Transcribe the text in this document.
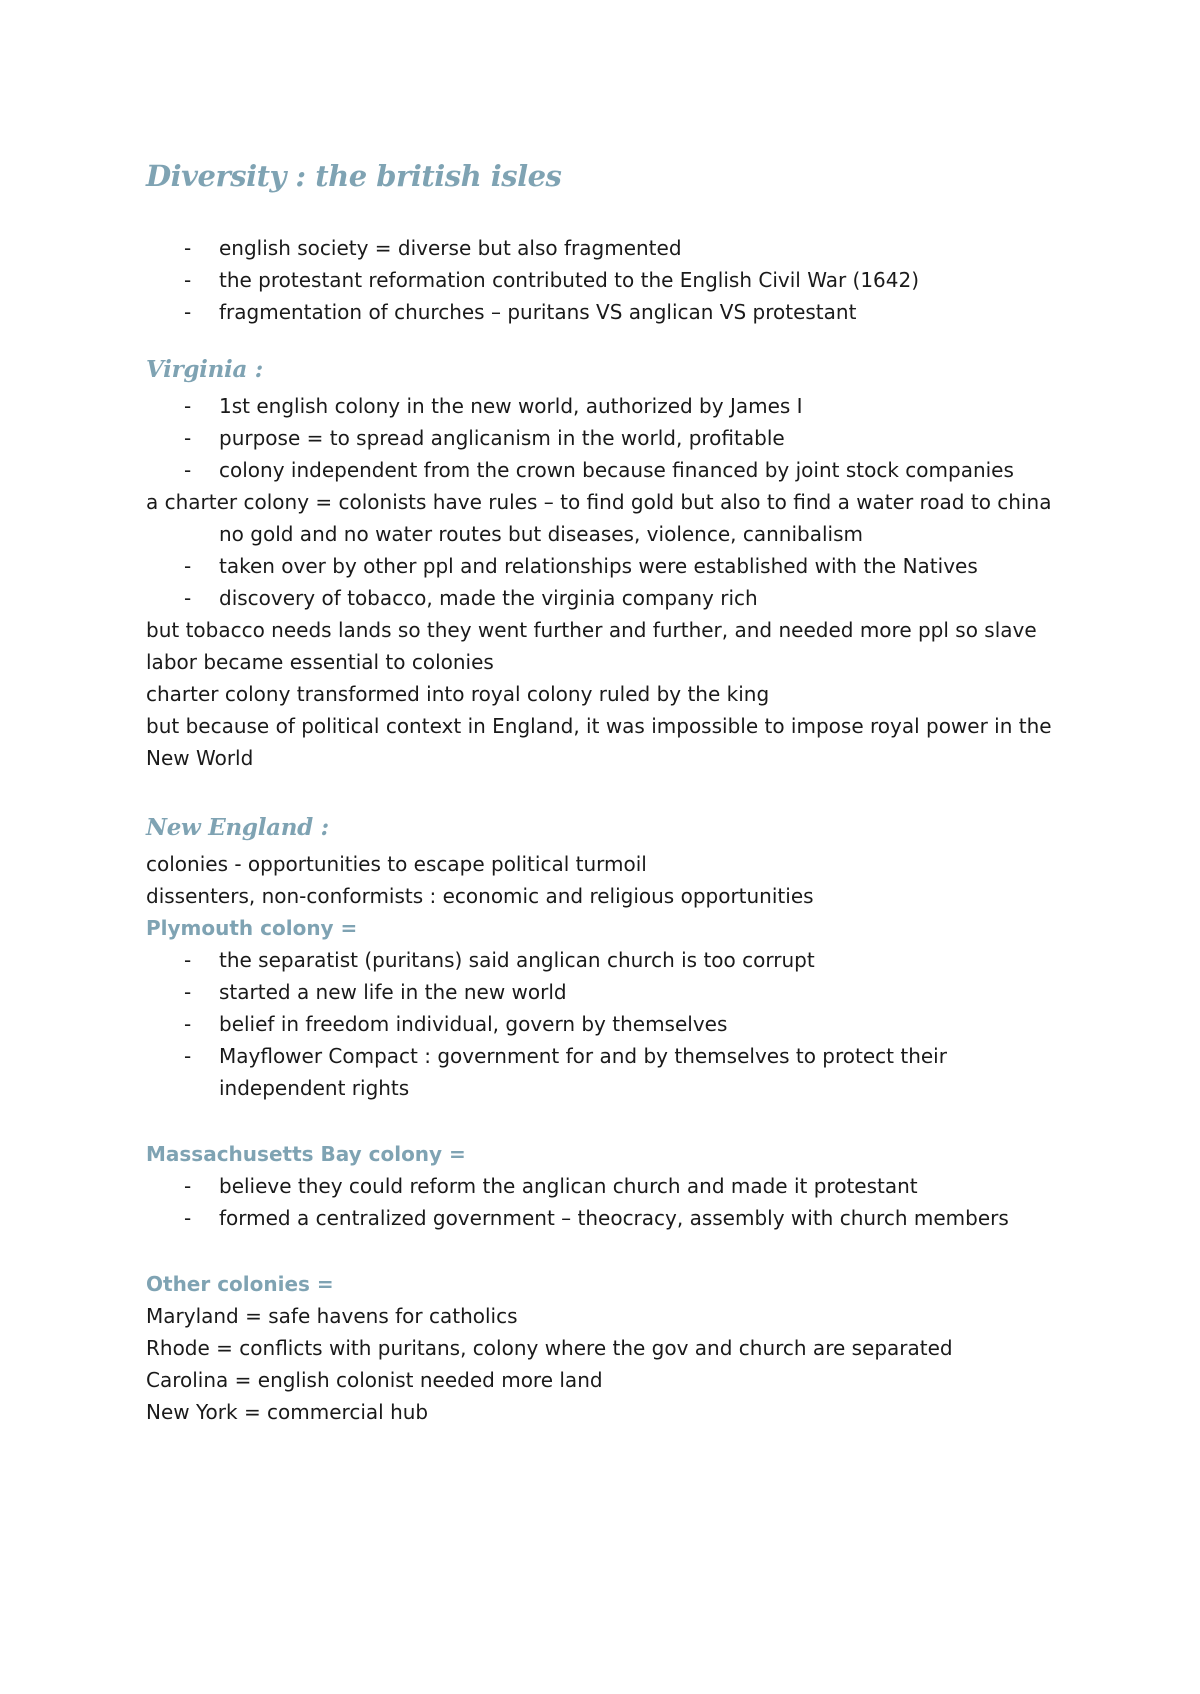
Diversity : the british isles
- english society = diverse but also fragmented
- the protestant reformation contributed to the English Civil War (1642)
- fragmentation of churches – puritans VS anglican VS protestant
Virginia :
- 1st english colony in the new world, authorized by James I
- purpose = to spread anglicanism in the world, profitable
- colony independent from the crown because financed by joint stock companies

a charter colony = colonists have rules – to find gold but also to find a water road to china

no gold and no water routes but diseases, violence, cannibalism

- taken over by other ppl and relationships were established with the Natives
- discovery of tobacco, made the virginia company rich

but tobacco needs lands so they went further and further, and needed more ppl so slave labor became essential to colonies

charter colony transformed into royal colony ruled by the king

but because of political context in England, it was impossible to impose royal power in the New World

New England :

colonies - opportunities to escape political turmoil

dissenters, non-conformists : economic and religious opportunities

Plymouth colony =

- the separatist (puritans) said anglican church is too corrupt
- started a new life in the new world
- belief in freedom individual, govern by themselves
- Mayflower Compact : government for and by themselves to protect their independent rights

Massachusetts Bay colony =

- believe they could reform the anglican church and made it protestant
- formed a centralized government – theocracy, assembly with church members

Other colonies =

Maryland = safe havens for catholics

Rhode = conflicts with puritans, colony where the gov and church are separated

Carolina = english colonist needed more land

New York = commercial hub
